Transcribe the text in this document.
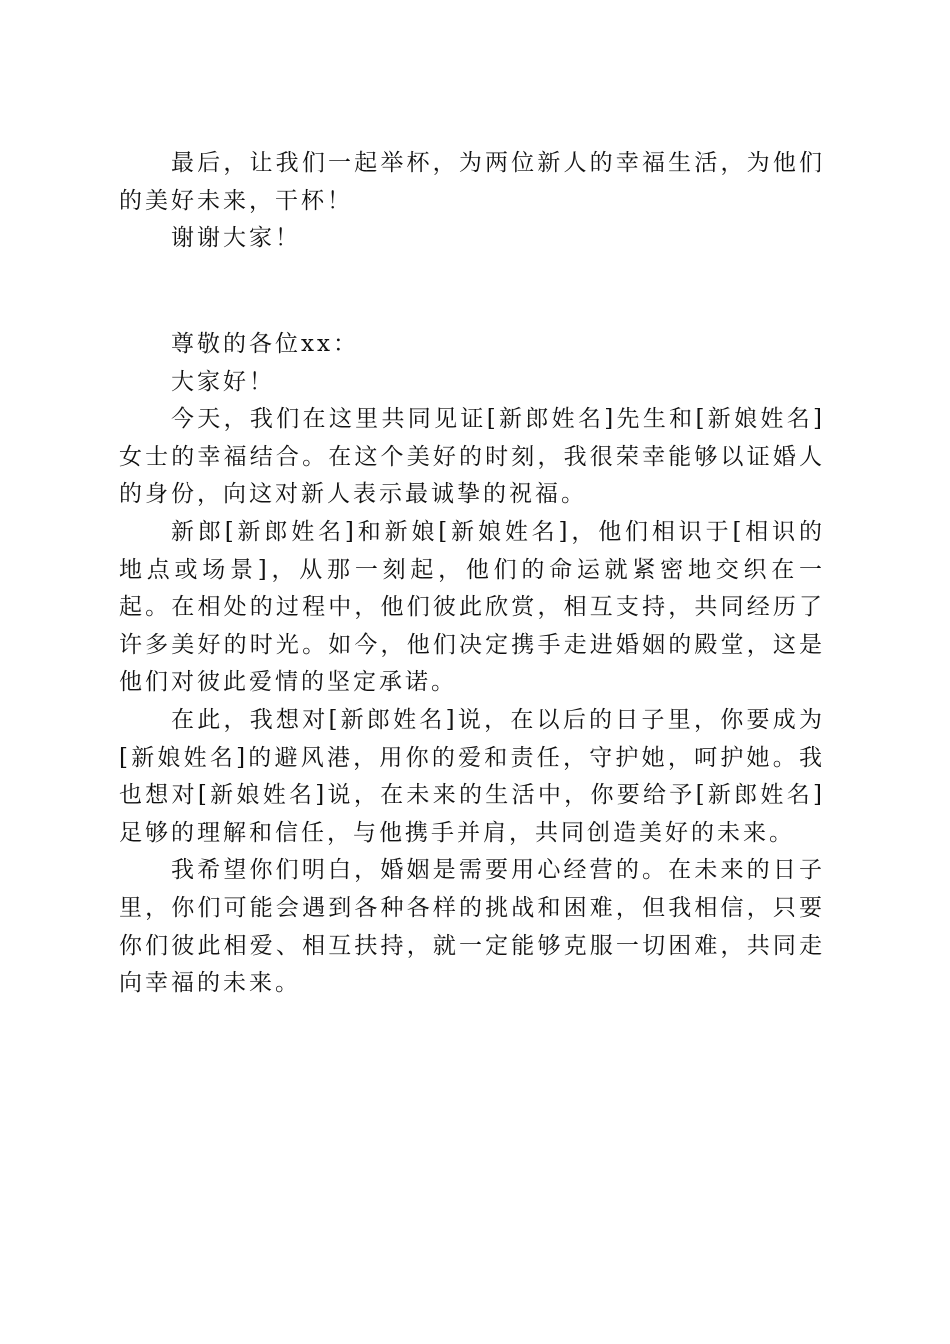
最后，让我们一起举杯，为两位新人的幸福生活，为他们的美好未来，干杯！

谢谢大家！

尊敬的各位xx：

大家好！

今天，我们在这里共同见证[新郎姓名]先生和[新娘姓名]女士的幸福结合。在这个美好的时刻，我很荣幸能够以证婚人的身份，向这对新人表示最诚挚的祝福。

新郎[新郎姓名]和新娘[新娘姓名]，他们相识于[相识的地点或场景]，从那一刻起，他们的命运就紧密地交织在一起。在相处的过程中，他们彼此欣赏，相互支持，共同经历了许多美好的时光。如今，他们决定携手走进婚姻的殿堂，这是他们对彼此爱情的坚定承诺。

在此，我想对[新郎姓名]说，在以后的日子里，你要成为[新娘姓名]的避风港，用你的爱和责任，守护她，呵护她。我也想对[新娘姓名]说，在未来的生活中，你要给予[新郎姓名]足够的理解和信任，与他携手并肩，共同创造美好的未来。

我希望你们明白，婚姻是需要用心经营的。在未来的日子里，你们可能会遇到各种各样的挑战和困难，但我相信，只要你们彼此相爱、相互扶持，就一定能够克服一切困难，共同走向幸福的未来。
